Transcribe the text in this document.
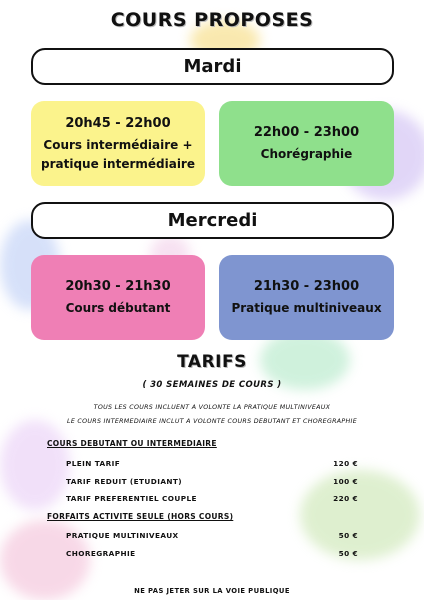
COURS PROPOSES
Mardi
20h45 - 22h00
Cours intermédiaire +
pratique intermédiaire
22h00 - 23h00
Chorégraphie
Mercredi
20h30 - 21h30
Cours débutant
21h30 - 23h00
Pratique multiniveaux
TARIFS
( 30 SEMAINES DE COURS )
TOUS LES COURS INCLUENT A VOLONTE LA PRATIQUE MULTINIVEAUX
LE COURS INTERMEDIAIRE INCLUT A VOLONTE COURS DEBUTANT ET CHOREGRAPHIE
COURS DEBUTANT OU INTERMEDIAIRE
PLEIN TARIF	120 €
TARIF REDUIT (ETUDIANT)	100 €
TARIF PREFERENTIEL COUPLE	220 €
FORFAITS ACTIVITE SEULE (HORS COURS)
PRATIQUE MULTINIVEAUX	50 €
CHOREGRAPHIE	50 €
NE PAS JETER SUR LA VOIE PUBLIQUE
